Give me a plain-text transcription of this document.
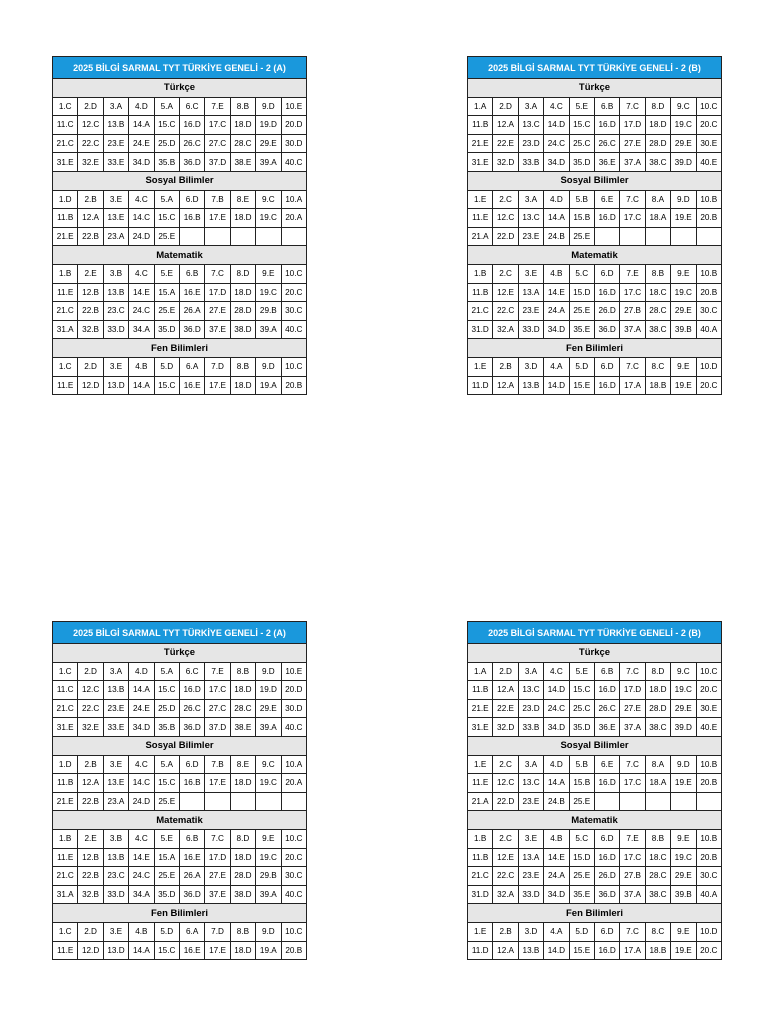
2025 BİLGİ SARMAL TYT TÜRKİYE GENELİ - 2 (A)									
Türkçe									
1.C	2.D	3.A	4.D	5.A	6.C	7.E	8.B	9.D	10.E
11.C	12.C	13.B	14.A	15.C	16.D	17.C	18.D	19.D	20.D
21.C	22.C	23.E	24.E	25.D	26.C	27.C	28.C	29.E	30.D
31.E	32.E	33.E	34.D	35.B	36.D	37.D	38.E	39.A	40.C
Sosyal Bilimler									
1.D	2.B	3.E	4.C	5.A	6.D	7.B	8.E	9.C	10.A
11.B	12.A	13.E	14.C	15.C	16.B	17.E	18.D	19.C	20.A
21.E	22.B	23.A	24.D	25.E					
Matematik									
1.B	2.E	3.B	4.C	5.E	6.B	7.C	8.D	9.E	10.C
11.E	12.B	13.B	14.E	15.A	16.E	17.D	18.D	19.C	20.C
21.C	22.B	23.C	24.C	25.E	26.A	27.E	28.D	29.B	30.C
31.A	32.B	33.D	34.A	35.D	36.D	37.E	38.D	39.A	40.C
Fen Bilimleri									
1.C	2.D	3.E	4.B	5.D	6.A	7.D	8.B	9.D	10.C
11.E	12.D	13.D	14.A	15.C	16.E	17.E	18.D	19.A	20.B
2025 BİLGİ SARMAL TYT TÜRKİYE GENELİ - 2 (B)									
Türkçe									
1.A	2.D	3.A	4.C	5.E	6.B	7.C	8.D	9.C	10.C
11.B	12.A	13.C	14.D	15.C	16.D	17.D	18.D	19.C	20.C
21.E	22.E	23.D	24.C	25.C	26.C	27.E	28.D	29.E	30.E
31.E	32.D	33.B	34.D	35.D	36.E	37.A	38.C	39.D	40.E
Sosyal Bilimler									
1.E	2.C	3.A	4.D	5.B	6.E	7.C	8.A	9.D	10.B
11.E	12.C	13.C	14.A	15.B	16.D	17.C	18.A	19.E	20.B
21.A	22.D	23.E	24.B	25.E					
Matematik									
1.B	2.C	3.E	4.B	5.C	6.D	7.E	8.B	9.E	10.B
11.B	12.E	13.A	14.E	15.D	16.D	17.C	18.C	19.C	20.B
21.C	22.C	23.E	24.A	25.E	26.D	27.B	28.C	29.E	30.C
31.D	32.A	33.D	34.D	35.E	36.D	37.A	38.C	39.B	40.A
Fen Bilimleri									
1.E	2.B	3.D	4.A	5.D	6.D	7.C	8.C	9.E	10.D
11.D	12.A	13.B	14.D	15.E	16.D	17.A	18.B	19.E	20.C
2025 BİLGİ SARMAL TYT TÜRKİYE GENELİ - 2 (A)									
Türkçe									
1.C	2.D	3.A	4.D	5.A	6.C	7.E	8.B	9.D	10.E
11.C	12.C	13.B	14.A	15.C	16.D	17.C	18.D	19.D	20.D
21.C	22.C	23.E	24.E	25.D	26.C	27.C	28.C	29.E	30.D
31.E	32.E	33.E	34.D	35.B	36.D	37.D	38.E	39.A	40.C
Sosyal Bilimler									
1.D	2.B	3.E	4.C	5.A	6.D	7.B	8.E	9.C	10.A
11.B	12.A	13.E	14.C	15.C	16.B	17.E	18.D	19.C	20.A
21.E	22.B	23.A	24.D	25.E					
Matematik									
1.B	2.E	3.B	4.C	5.E	6.B	7.C	8.D	9.E	10.C
11.E	12.B	13.B	14.E	15.A	16.E	17.D	18.D	19.C	20.C
21.C	22.B	23.C	24.C	25.E	26.A	27.E	28.D	29.B	30.C
31.A	32.B	33.D	34.A	35.D	36.D	37.E	38.D	39.A	40.C
Fen Bilimleri									
1.C	2.D	3.E	4.B	5.D	6.A	7.D	8.B	9.D	10.C
11.E	12.D	13.D	14.A	15.C	16.E	17.E	18.D	19.A	20.B
2025 BİLGİ SARMAL TYT TÜRKİYE GENELİ - 2 (B)									
Türkçe									
1.A	2.D	3.A	4.C	5.E	6.B	7.C	8.D	9.C	10.C
11.B	12.A	13.C	14.D	15.C	16.D	17.D	18.D	19.C	20.C
21.E	22.E	23.D	24.C	25.C	26.C	27.E	28.D	29.E	30.E
31.E	32.D	33.B	34.D	35.D	36.E	37.A	38.C	39.D	40.E
Sosyal Bilimler									
1.E	2.C	3.A	4.D	5.B	6.E	7.C	8.A	9.D	10.B
11.E	12.C	13.C	14.A	15.B	16.D	17.C	18.A	19.E	20.B
21.A	22.D	23.E	24.B	25.E					
Matematik									
1.B	2.C	3.E	4.B	5.C	6.D	7.E	8.B	9.E	10.B
11.B	12.E	13.A	14.E	15.D	16.D	17.C	18.C	19.C	20.B
21.C	22.C	23.E	24.A	25.E	26.D	27.B	28.C	29.E	30.C
31.D	32.A	33.D	34.D	35.E	36.D	37.A	38.C	39.B	40.A
Fen Bilimleri									
1.E	2.B	3.D	4.A	5.D	6.D	7.C	8.C	9.E	10.D
11.D	12.A	13.B	14.D	15.E	16.D	17.A	18.B	19.E	20.C
